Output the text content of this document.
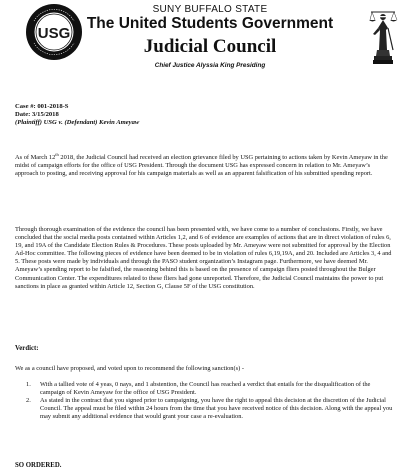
USG
SUNY BUFFALO STATE
The United Students Government
Judicial Council
Chief Justice Alyssia King Presiding
Case #: 001-2018-S
Date: 3/15/2018
(Plaintiff) USG v. (Defendant) Kevin Ameyaw
As of March 12th 2018, the Judicial Council had received an election grievance filed by USG pertaining to actions taken by Kevin Ameyaw in the midst of campaign efforts for the office of USG President. Through the document USG has expressed concern in relation to Mr. Ameyaw’s approach to posting, and receiving approval for his campaign materials as well as an apparent falsification of his submitted spending report.
Through thorough examination of the evidence the council has been presented with, we have come to a number of conclusions. Firstly, we have concluded that the social media posts contained within Articles 1,2, and 6 of evidence are examples of actions that are in direct violation of rules 6, 19, and 19A of the Candidate Election Rules & Procedures. These posts uploaded by Mr. Ameyaw were not submitted for approval by the Election Ad-Hoc committee. The following pieces of evidence have been deemed to be in violation of rules 6,19,19A, and 20. Included are Articles 3, 4 and 5. These posts were made by individuals and through the PASO student organization’s Instagram page. Furthermore, we have deemed Mr. Ameyaw’s spending report to be falsified, the reasoning behind this is based on the presence of campaign fliers posted throughout the Bulger Communication Center. The expenditures related to these fliers had gone unreported. Therefore, the Judicial Council maintains the power to put sanctions in place as granted within Article 12, Section G, Clause 5F of the USG constitution.
Verdict:
We as a council have proposed, and voted upon to recommend the following sanction(s) -
1. With a tallied vote of 4 yeas, 0 nays, and 1 abstention, the Council has reached a verdict that entails for the disqualification of the campaign of Kevin Ameyaw for the office of USG President.
2. As stated in the contract that you signed prior to campaigning, you have the right to appeal this decision at the discretion of the Judicial Council. The appeal must be filed within 24 hours from the time that you have received notice of this decision. Along with the appeal you may submit any additional evidence that would grant your case a re-evaluation.
SO ORDERED.
